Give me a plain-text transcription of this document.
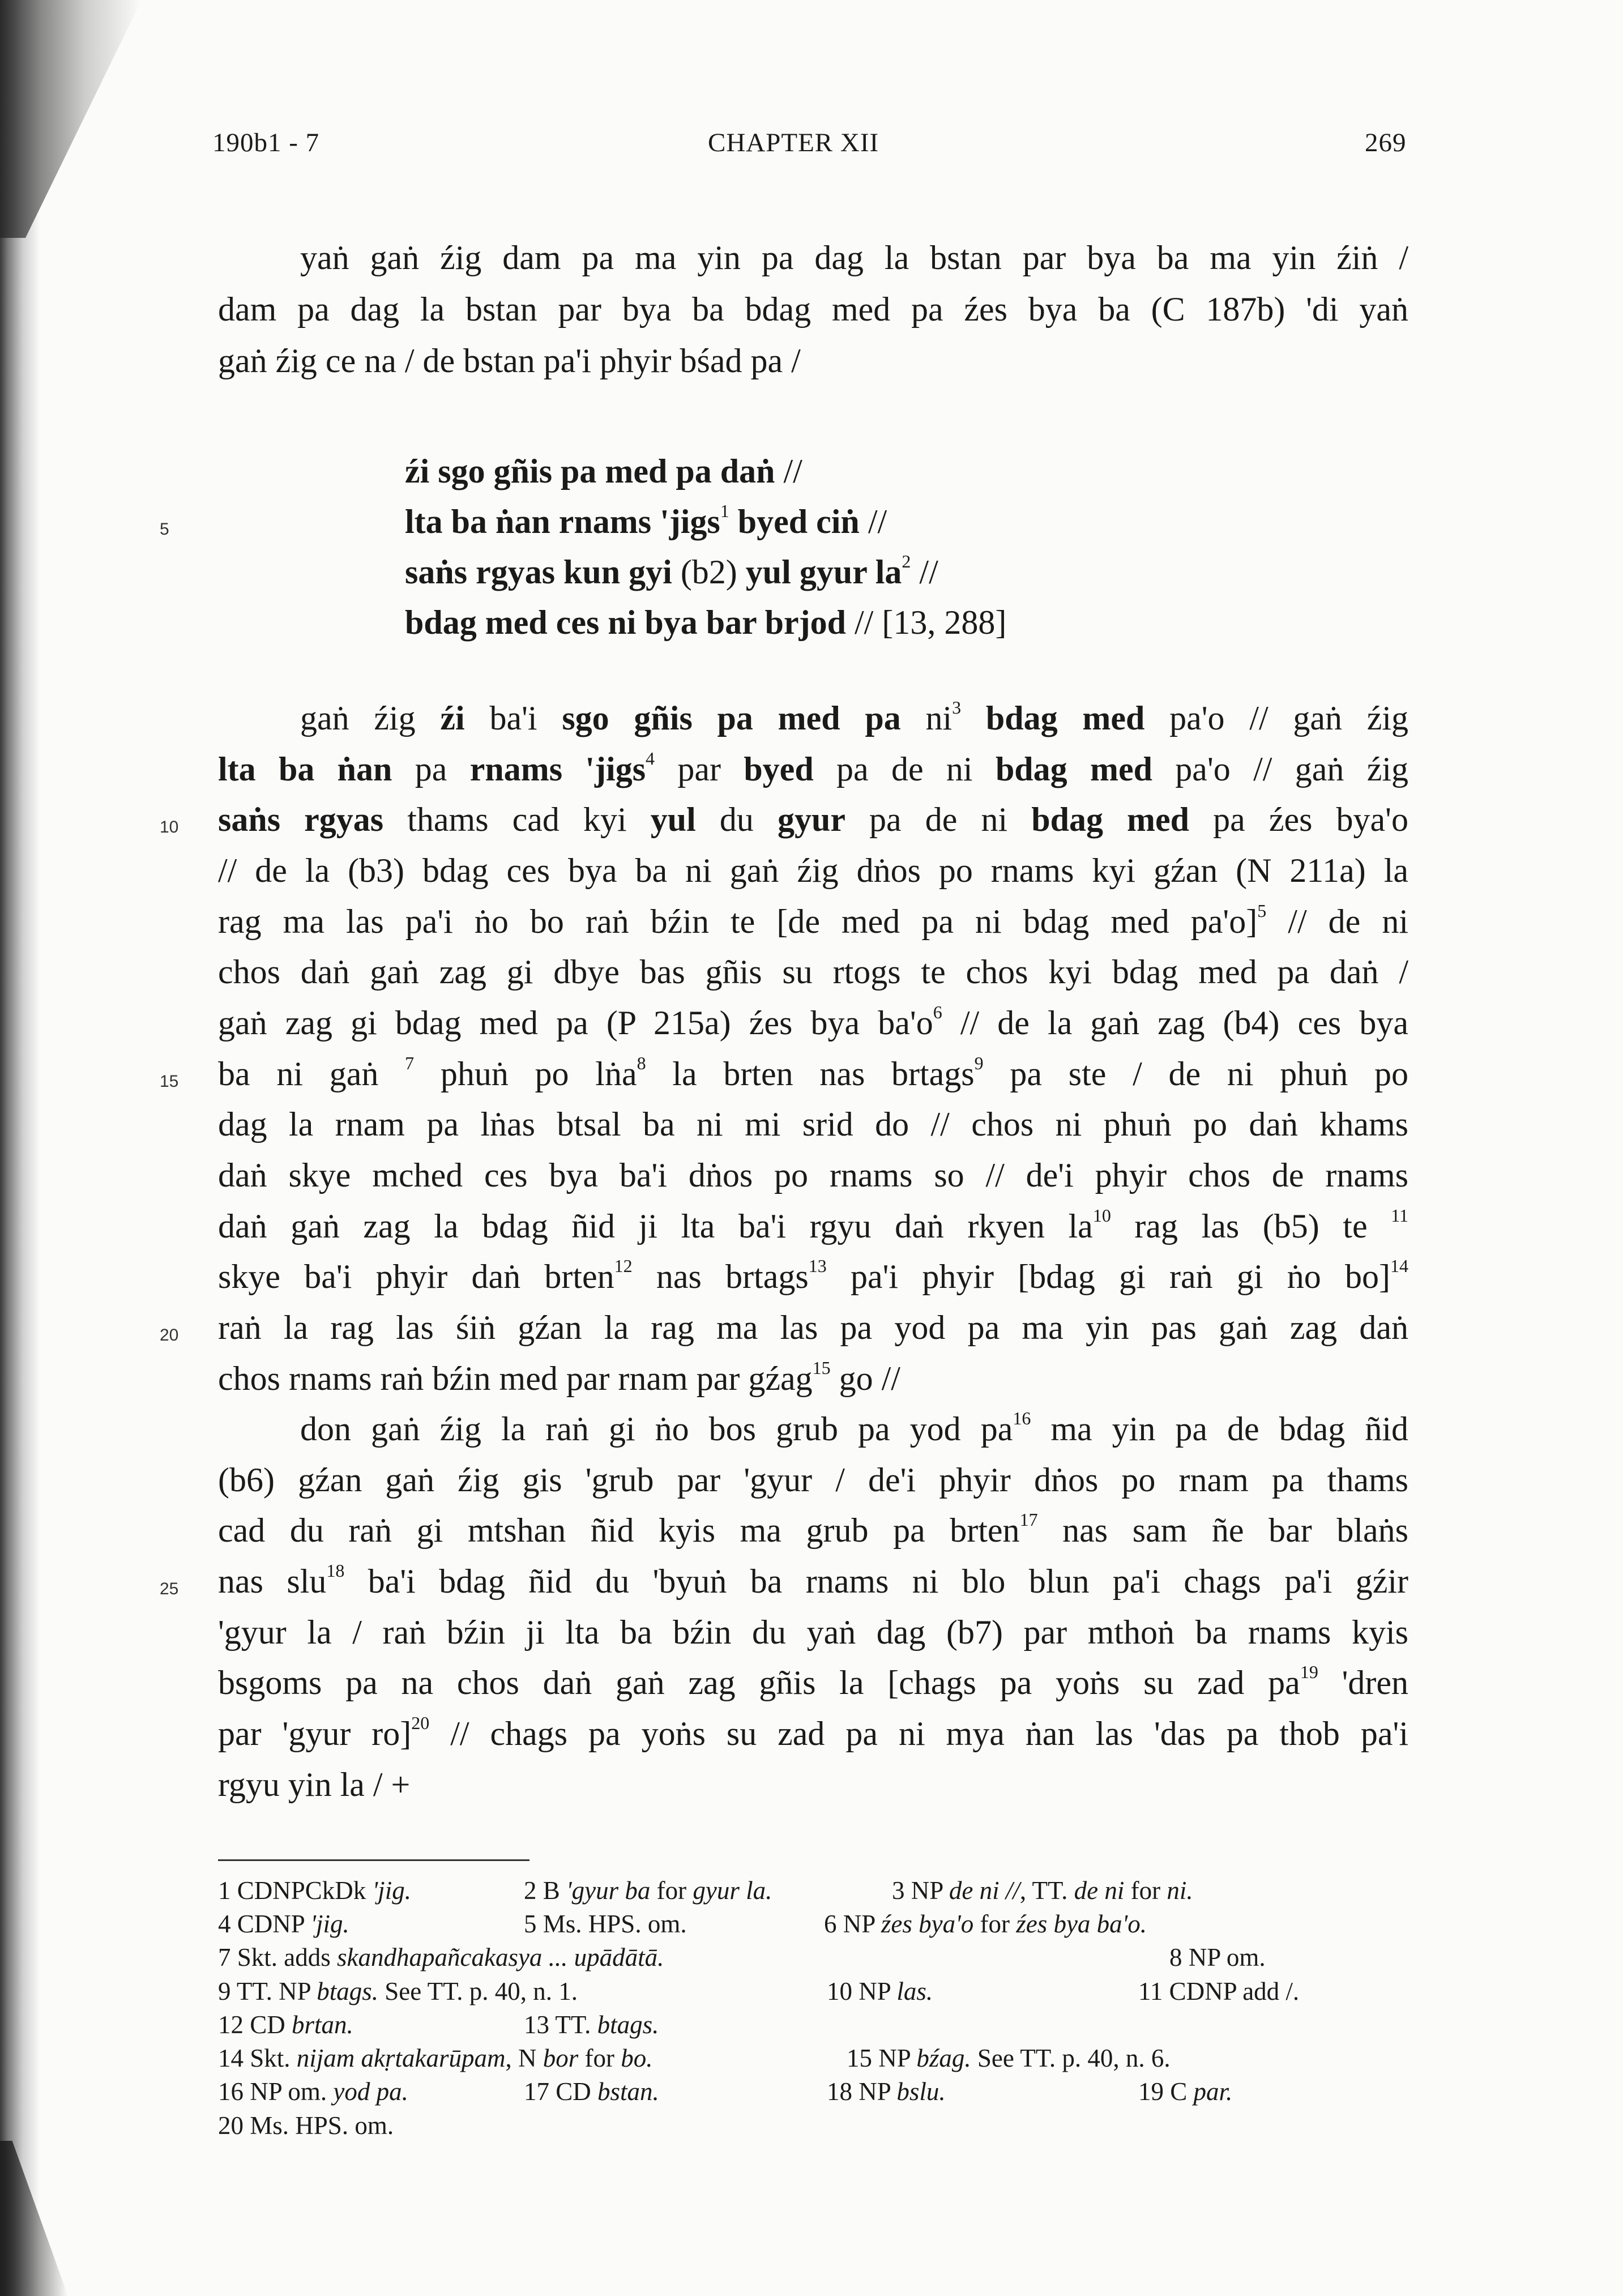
190b1 - 7	CHAPTER XII	269
yaṅ gaṅ źig dam pa ma yin pa dag la bstan par bya ba ma yin źiṅ /
dam pa dag la bstan par bya ba bdag med pa źes bya ba (C 187b) 'di yaṅ
gaṅ źig ce na / de bstan pa'i phyir bśad pa /
źi sgo gñis pa med pa daṅ //
lta ba ṅan rnams 'jigs$^1$ byed ciṅ //
saṅs rgyas kun gyi (b2) yul gyur $la^2$ //
bdag med ces ni bya bar brjod // [13, 288]
gaṅ źig źi ba'i sgo gñis pa med pa $ni^3$ bdag med pa'o // gaṅ źig
lta ba ṅan pa rnams 'jigs$^4$ par byed pa de ni bdag med pa'o // gaṅ źig
saṅs rgyas thams cad kyi yul du gyur pa de ni bdag med pa źes bya'o
// de la (b3) bdag ces bya ba ni gaṅ źig dṅos po rnams kyi gźan (N 211a) la
rag ma las pa'i ṅo bo raṅ bźin te [de med pa ni bdag med pa'o]$^5$ // de ni
chos daṅ gaṅ zag gi dbye bas gñis su rtogs te chos kyi bdag med pa daṅ /
gaṅ zag gi bdag med pa (P 215a) źes bya $ba'o^6$ // de la gaṅ zag (b4) ces bya
ba ni gaṅ $^7$ phuṅ po lṅa$^8$ la brten nas brtags$^9$ pa ste / de ni phuṅ po
dag la rnam pa lṅas btsal ba ni mi srid do // chos ni phuṅ po daṅ khams
daṅ skye mched ces bya ba'i dṅos po rnams so // de'i phyir chos de rnams
daṅ gaṅ zag la bdag ñid ji lta ba'i rgyu daṅ rkyen $la^{10}$ rag las (b5) te $^{11}$
skye ba'i phyir daṅ brten$^{12}$ nas brtags$^{13}$ pa'i phyir [bdag gi raṅ gi ṅo bo]$^{14}$
raṅ la rag las śiṅ gźan la rag ma las pa yod pa ma yin pas gaṅ zag daṅ
chos rnams raṅ bźin med par rnam par gźag$^{15}$ go //
don gaṅ źig la raṅ gi ṅo bos grub pa yod $pa^{16}$ ma yin pa de bdag ñid
(b6) gźan gaṅ źig gis 'grub par 'gyur / de'i phyir dṅos po rnam pa thams
cad du raṅ gi mtshan ñid kyis ma grub pa brten$^{17}$ nas sam ñe bar blaṅs
nas slu$^{18}$ ba'i bdag ñid du 'byuṅ ba rnams ni blo blun pa'i chags pa'i gźir
'gyur la / raṅ bźin ji lta ba bźin du yaṅ dag (b7) par mthoṅ ba rnams kyis
bsgoms pa na chos daṅ gaṅ zag gñis la [chags pa yoṅs su zad $pa^{19}$ 'dren
par 'gyur ro]$^{20}$ // chags pa yoṅs su zad pa ni mya ṅan las 'das pa thob pa'i
rgyu yin la / +
5
10
15
20
25
1 CDNPCkDk 'jig.	2 B 'gyur ba for gyur la.	3 NP de ni //, TT. de ni for ni.
4 CDNP 'jig.	5 Ms. HPS. om.	6 NP źes bya'o for źes bya ba'o.
7 Skt. adds skandhapañcakasya ... upādātā.	8 NP om.
9 TT. NP btags. See TT. p. 40, n. 1.	10 NP las.	11 CDNP add /.
12 CD brtan.	13 TT. btags.
14 Skt. nijam akṛtakarūpam, N bor for bo.	15 NP bźag. See TT. p. 40, n. 6.
16 NP om. yod pa.	17 CD bstan.	18 NP bslu.	19 C par.
20 Ms. HPS. om.
